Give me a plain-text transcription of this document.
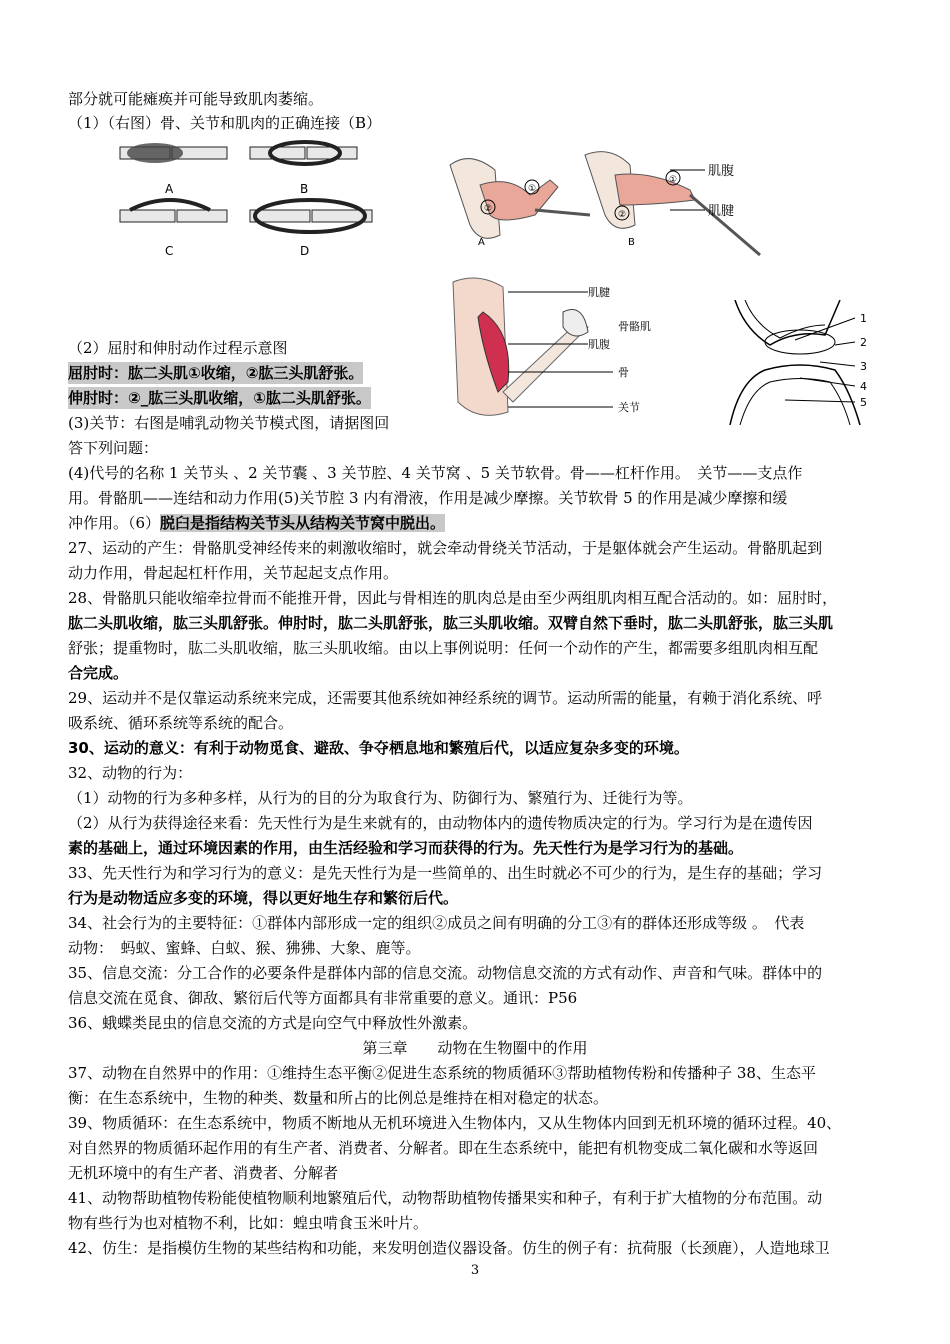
部分就可能瘫痪并可能导致肌肉萎缩。
（1）（右图）骨、关节和肌肉的正确连接（B）
A	B
C	D
①
②
A
①
②
B
肌腹
肌腱
肌腱
骨骼肌
肌腹
骨
关节
1
2
3
4
5
（2）屈肘和伸肘动作过程示意图
屈肘时：肱二头肌①收缩，②肱三头肌舒张。
伸肘时：②_肱三头肌收缩，①肱二头肌舒张。
(3)关节：右图是哺乳动物关节模式图，请据图回
答下列问题：
(4)代号的名称 1 关节头 、2 关节囊 、3 关节腔、4 关节窝 、5 关节软骨。骨——杠杆作用。　关节——支点作
用。骨骼肌——连结和动力作用(5)关节腔 3 内有滑液，作用是减少摩擦。关节软骨 5 的作用是减少摩擦和缓
冲作用。（6）脱臼是指结构关节头从结构关节窝中脱出。
27、运动的产生：骨骼肌受神经传来的刺激收缩时，就会牵动骨绕关节活动，于是躯体就会产生运动。骨骼肌起到
动力作用，骨起起杠杆作用，关节起起支点作用。
28、骨骼肌只能收缩牵拉骨而不能推开骨，因此与骨相连的肌肉总是由至少两组肌肉相互配合活动的。如：屈肘时，
肱二头肌收缩，肱三头肌舒张。伸肘时，肱二头肌舒张，肱三头肌收缩。双臂自然下垂时，肱二头肌舒张，肱三头肌
舒张；提重物时，肱二头肌收缩，肱三头肌收缩。由以上事例说明：任何一个动作的产生，都需要多组肌肉相互配
合完成。
29、运动并不是仅靠运动系统来完成，还需要其他系统如神经系统的调节。运动所需的能量，有赖于消化系统、呼
吸系统、循环系统等系统的配合。
30、运动的意义：有利于动物觅食、避敌、争夺栖息地和繁殖后代，以适应复杂多变的环境。
32、动物的行为：
（1）动物的行为多种多样，从行为的目的分为取食行为、防御行为、繁殖行为、迁徙行为等。
（2）从行为获得途径来看：先天性行为是生来就有的，由动物体内的遗传物质决定的行为。学习行为是在遗传因
素的基础上，通过环境因素的作用，由生活经验和学习而获得的行为。先天性行为是学习行为的基础。
33、先天性行为和学习行为的意义：是先天性行为是一些简单的、出生时就必不可少的行为，是生存的基础；学习
行为是动物适应多变的环境，得以更好地生存和繁衍后代。
34、社会行为的主要特征：①群体内部形成一定的组织②成员之间有明确的分工③有的群体还形成等级 。　代表
动物：　蚂蚁、蜜蜂、白蚁、猴、狒狒、大象、鹿等。
35、信息交流：分工合作的必要条件是群体内部的信息交流。动物信息交流的方式有动作、声音和气味。群体中的
信息交流在觅食、御敌、繁衍后代等方面都具有非常重要的意义。通讯：P56
36、蛾蝶类昆虫的信息交流的方式是向空气中释放性外激素。
第三章　　动物在生物圈中的作用
37、动物在自然界中的作用：①维持生态平衡②促进生态系统的物质循环③帮助植物传粉和传播种子 38、生态平
衡：在生态系统中，生物的种类、数量和所占的比例总是维持在相对稳定的状态。
39、物质循环：在生态系统中，物质不断地从无机环境进入生物体内，又从生物体内回到无机环境的循环过程。40、
对自然界的物质循环起作用的有生产者、消费者、分解者。即在生态系统中，能把有机物变成二氧化碳和水等返回
无机环境中的有生产者、消费者、分解者
41、动物帮助植物传粉能使植物顺利地繁殖后代，动物帮助植物传播果实和种子，有利于扩大植物的分布范围。动
物有些行为也对植物不利，比如：蝗虫啃食玉米叶片。
42、仿生：是指模仿生物的某些结构和功能，来发明创造仪器设备。仿生的例子有：抗荷服（长颈鹿），人造地球卫
3
